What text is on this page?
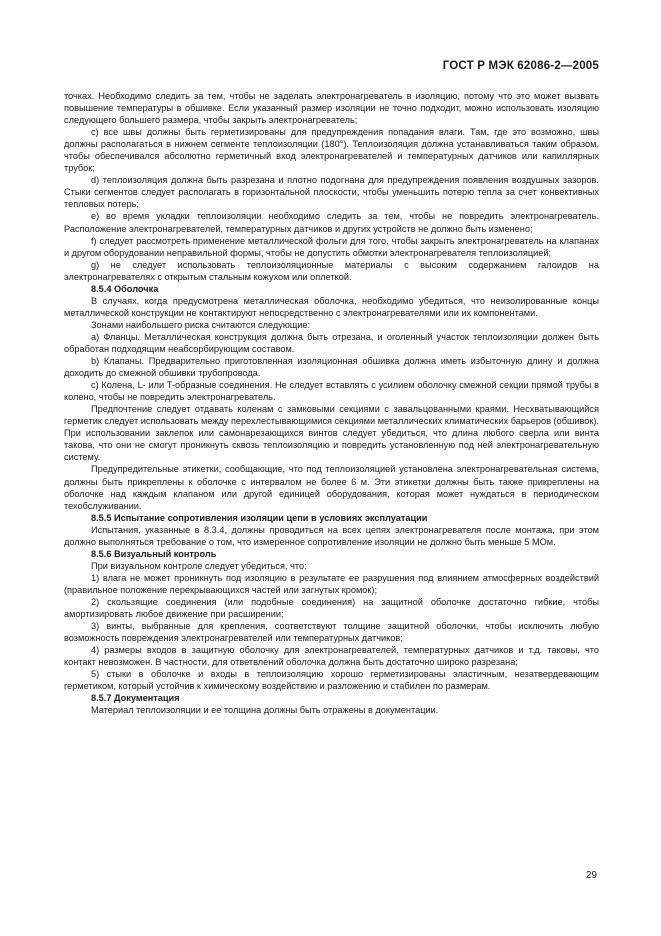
ГОСТ Р МЭК 62086-2—2005

точках. Необходимо следить за тем, чтобы не заделать электронагреватель в изоляцию, потому что это может вызвать повышение температуры в обшивке. Если указанный размер изоляции не точно подходит, можно использовать изоляцию следующего большего размера, чтобы закрыть электронагреватель;

c) все швы должны быть герметизированы для предупреждения попадания влаги. Там, где это возможно, швы должны располагаться в нижнем сегменте теплоизоляции (180°). Теплоизоляция должна устанавливаться таким образом, чтобы обеспечивался абсолютно герметичный вход электронагревателей и температурных датчиков или капиллярных трубок;

d) теплоизоляция должна быть разрезана и плотно подогнана для предупреждения появления воздушных зазоров. Стыки сегментов следует располагать в горизонтальной плоскости, чтобы уменьшить потерю тепла за счет конвективных тепловых потерь;

e) во время укладки теплоизоляции необходимо следить за тем, чтобы не повредить электронагреватель. Расположение электронагревателей, температурных датчиков и других устройств не должно быть изменено;

f) следует рассмотреть применение металлической фольги для того, чтобы закрыть электронагреватель на клапанах и другом оборудовании неправильной формы, чтобы не допустить обмотки электронагревателя теплоизоляцией;

g) не следует использовать теплоизоляционные материалы с высоким содержанием галоидов на электронагревателях с открытым стальным кожухом или оплеткой.

8.5.4 Оболочка

В случаях, когда предусмотрена металлическая оболочка, необходимо убедиться, что неизолированные концы металлической конструкции не контактируют непосредственно с электронагревателями или их компонентами.

Зонами наибольшего риска считаются следующие:

a) Фланцы. Металлическая конструкция должна быть отрезана, и оголенный участок теплоизоляции должен быть обработан подходящим неабсорбирующим составом.

b) Клапаны. Предварительно приготовленная изоляционная обшивка должна иметь избыточную длину и должна доходить до смежной обшивки трубопровода.

c) Колена, L- или T-образные соединения. Не следует вставлять с усилием оболочку смежной секции прямой трубы в колено, чтобы не повредить электронагреватель.

Предпочтение следует отдавать коленам с замковыми секциями с завальцованными краями. Несхватывающийся герметик следует использовать между перехлестывающимися секциями металлических климатических барьеров (обшивок). При использовании заклепок или самонарезающихся винтов следует убедиться, что длина любого сверла или винта такова, что они не смогут проникнуть сквозь теплоизоляцию и повредить установленную под ней электронагревательную систему.

Предупредительные этикетки, сообщающие, что под теплоизоляцией установлена электронагревательная система, должны быть прикреплены к оболочке с интервалом не более 6 м. Эти этикетки должны быть также прикреплены на оболочке над каждым клапаном или другой единицей оборудования, которая может нуждаться в периодическом техобслуживании.

8.5.5 Испытание сопротивления изоляции цепи в условиях эксплуатации

Испытания, указанные в 8.3.4, должны проводиться на всех цепях электронагревателя после монтажа, при этом должно выполняться требование о том, что измеренное сопротивление изоляции не должно быть меньше 5 МОм.

8.5.6 Визуальный контроль

При визуальном контроле следует убедиться, что:

1) влага не может проникнуть под изоляцию в результате ее разрушения под влиянием атмосферных воздействий (правильное положение перекрывающихся частей или загнутых кромок);

2) скользящие соединения (или подобные соединения) на защитной оболочке достаточно гибкие, чтобы амортизировать любое движение при расширении;

3) винты, выбранные для крепления, соответствуют толщине защитной оболочки, чтобы исключить любую возможность повреждения электронагревателей или температурных датчиков;

4) размеры входов в защитную оболочку для электронагревателей, температурных датчиков и т.д. таковы, что контакт невозможен. В частности, для ответвлений оболочка должна быть достаточно широко разрезана;

5) стыки в оболочке и входы в теплоизоляцию хорошо герметизированы эластичным, незатвердевающим герметиком, который устойчив к химическому воздействию и разложению и стабилен по размерам.

8.5.7 Документация

Материал теплоизоляции и ее толщина должны быть отражены в документации.

29
